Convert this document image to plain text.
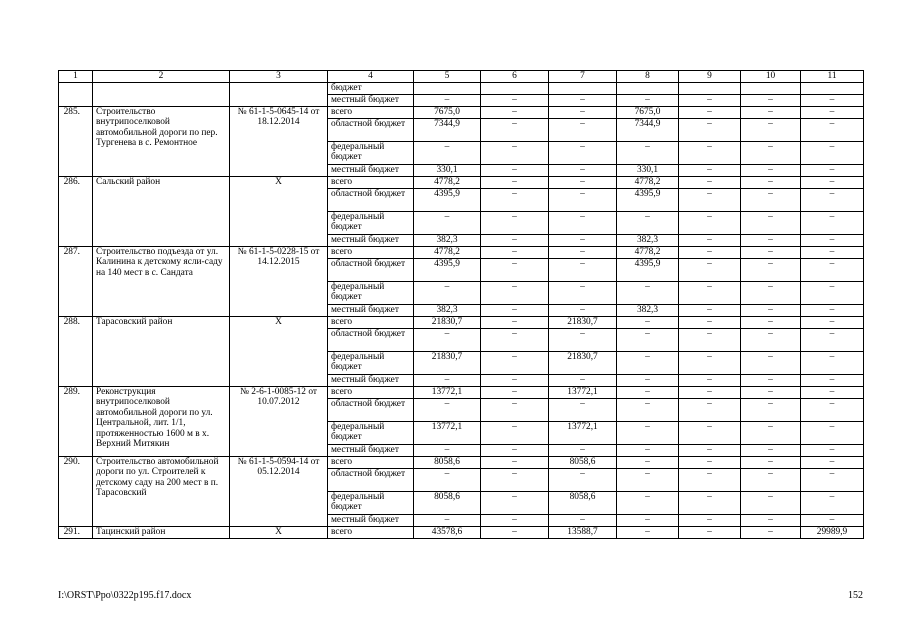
1	2	3	4	5	6	7	8	9	10	11
			бюджет							
			местный бюджет	–	–	–	–	–	–	–
285.	Строительство внутрипоселковой автомобильной дороги по пер. Тургенева в с. Ремонтное	№ 61-1-5-0645-14 от 18.12.2014	всего	7675,0	–	–	7675,0	–	–	–
			областной бюджет	7344,9	–	–	7344,9	–	–	–
			федеральный бюджет	–	–	–	–	–	–	–
			местный бюджет	330,1	–	–	330,1	–	–	–
286.	Сальский район	Х	всего	4778,2	–	–	4778,2	–	–	–
			областной бюджет	4395,9	–	–	4395,9	–	–	–
			федеральный бюджет	–	–	–	–	–	–	–
			местный бюджет	382,3	–	–	382,3	–	–	–
287.	Строительство подъезда от ул. Калинина к детскому ясли-саду на 140 мест в с. Сандата	№ 61-1-5-0228-15 от 14.12.2015	всего	4778,2	–	–	4778,2	–	–	–
			областной бюджет	4395,9	–	–	4395,9	–	–	–
			федеральный бюджет	–	–	–	–	–	–	–
			местный бюджет	382,3	–	–	382,3	–	–	–
288.	Тарасовский район	Х	всего	21830,7	–	21830,7	–	–	–	–
			областной бюджет	–	–	–	–	–	–	–
			федеральный бюджет	21830,7	–	21830,7	–	–	–	–
			местный бюджет	–	–	–	–	–	–	–
289.	Реконструкция внутрипоселковой автомобильной дороги по ул. Центральной, лит. 1/1, протяженностью 1600 м в х. Верхний Митякин	№ 2-6-1-0085-12 от 10.07.2012	всего	13772,1	–	13772,1	–	–	–	–
			областной бюджет	–	–	–	–	–	–	–
			федеральный бюджет	13772,1	–	13772,1	–	–	–	–
			местный бюджет	–	–	–	–	–	–	–
290.	Строительство автомобильной дороги по ул. Строителей к детскому саду на 200 мест в п. Тарасовский	№ 61-1-5-0594-14 от 05.12.2014	всего	8058,6	–	8058,6	–	–	–	–
			областной бюджет	–	–	–	–	–	–	–
			федеральный бюджет	8058,6	–	8058,6	–	–	–	–
			местный бюджет	–	–	–	–	–	–	–
291.	Тацинский район	Х	всего	43578,6	–	13588,7	–	–	–	29989,9
I:\ORST\Ppo\0322p195.f17.docx	152
